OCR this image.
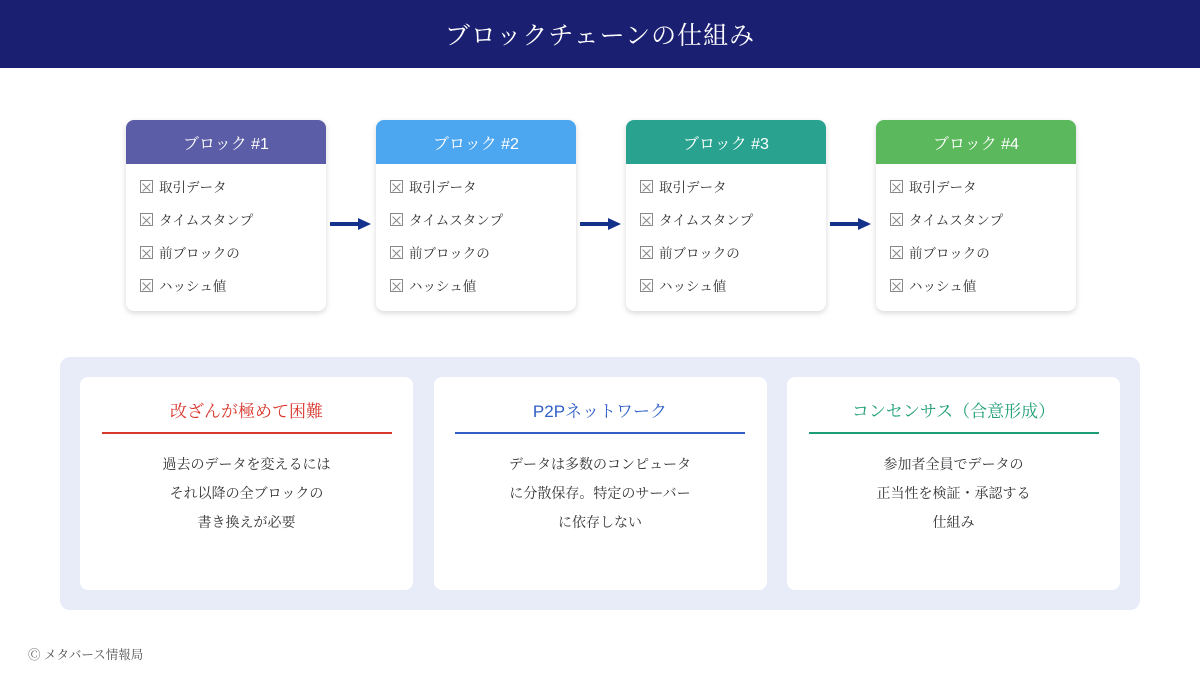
ブロックチェーンの仕組み
ブロック #1
取引データ
タイムスタンプ
前ブロックの
ハッシュ値
ブロック #2
取引データ
タイムスタンプ
前ブロックの
ハッシュ値
ブロック #3
取引データ
タイムスタンプ
前ブロックの
ハッシュ値
ブロック #4
取引データ
タイムスタンプ
前ブロックの
ハッシュ値
改ざんが極めて困難
過去のデータを変えるには
それ以降の全ブロックの
書き換えが必要
P2Pネットワーク
データは多数のコンピュータ
に分散保存。特定のサーバー
に依存しない
コンセンサス（合意形成）
参加者全員でデータの
正当性を検証・承認する
仕組み
Ⓒ メタバース情報局
